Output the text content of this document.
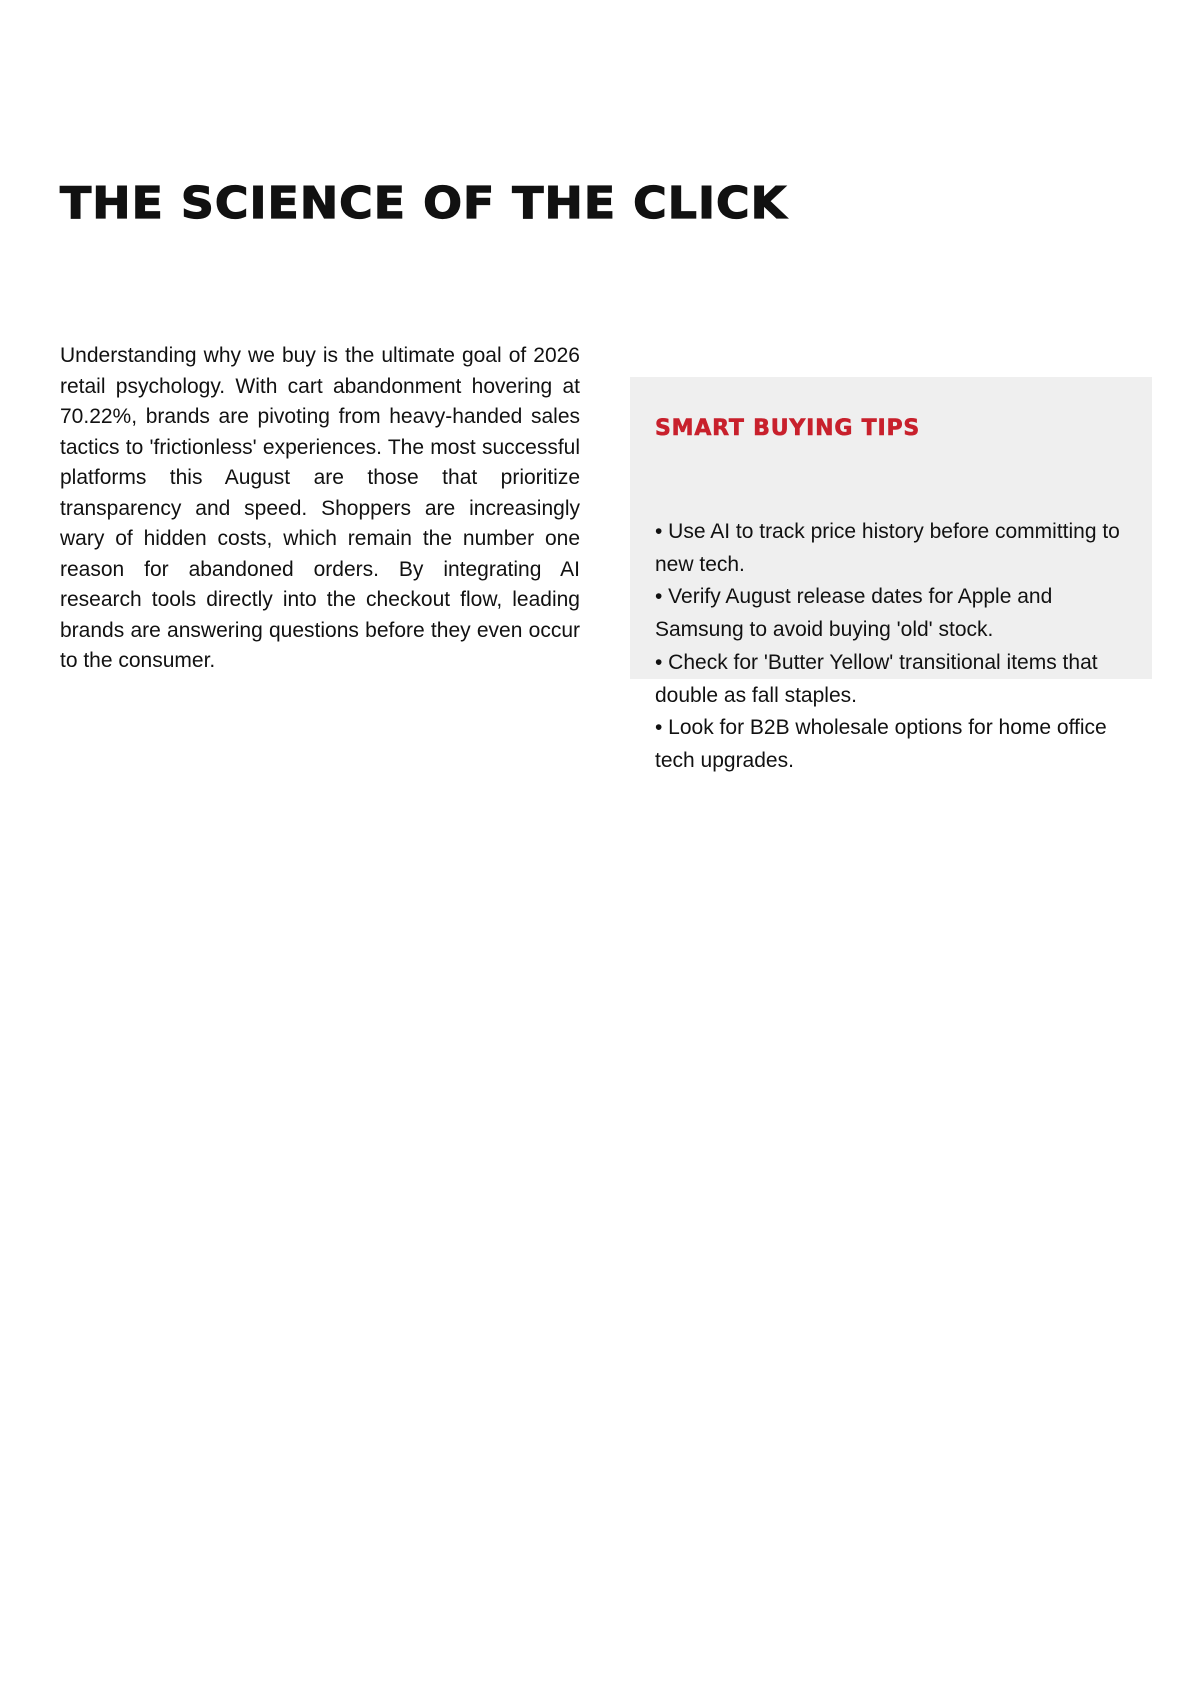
THE SCIENCE OF THE CLICK

Understanding why we buy is the ultimate goal of 2026 retail psychology. With cart abandonment hovering at 70.22%, brands are pivoting from heavy-handed sales tactics to 'frictionless' experiences. The most successful platforms this August are those that prioritize transparency and speed. Shoppers are increasingly wary of hidden costs, which remain the number one reason for abandoned orders. By integrating AI research tools directly into the checkout flow, leading brands are answering questions before they even occur to the consumer.

SMART BUYING TIPS
• Use AI to track price history before committing to new tech.
• Verify August release dates for Apple and Samsung to avoid buying 'old' stock.
• Check for 'Butter Yellow' transitional items that double as fall staples.
• Look for B2B wholesale options for home office tech upgrades.
